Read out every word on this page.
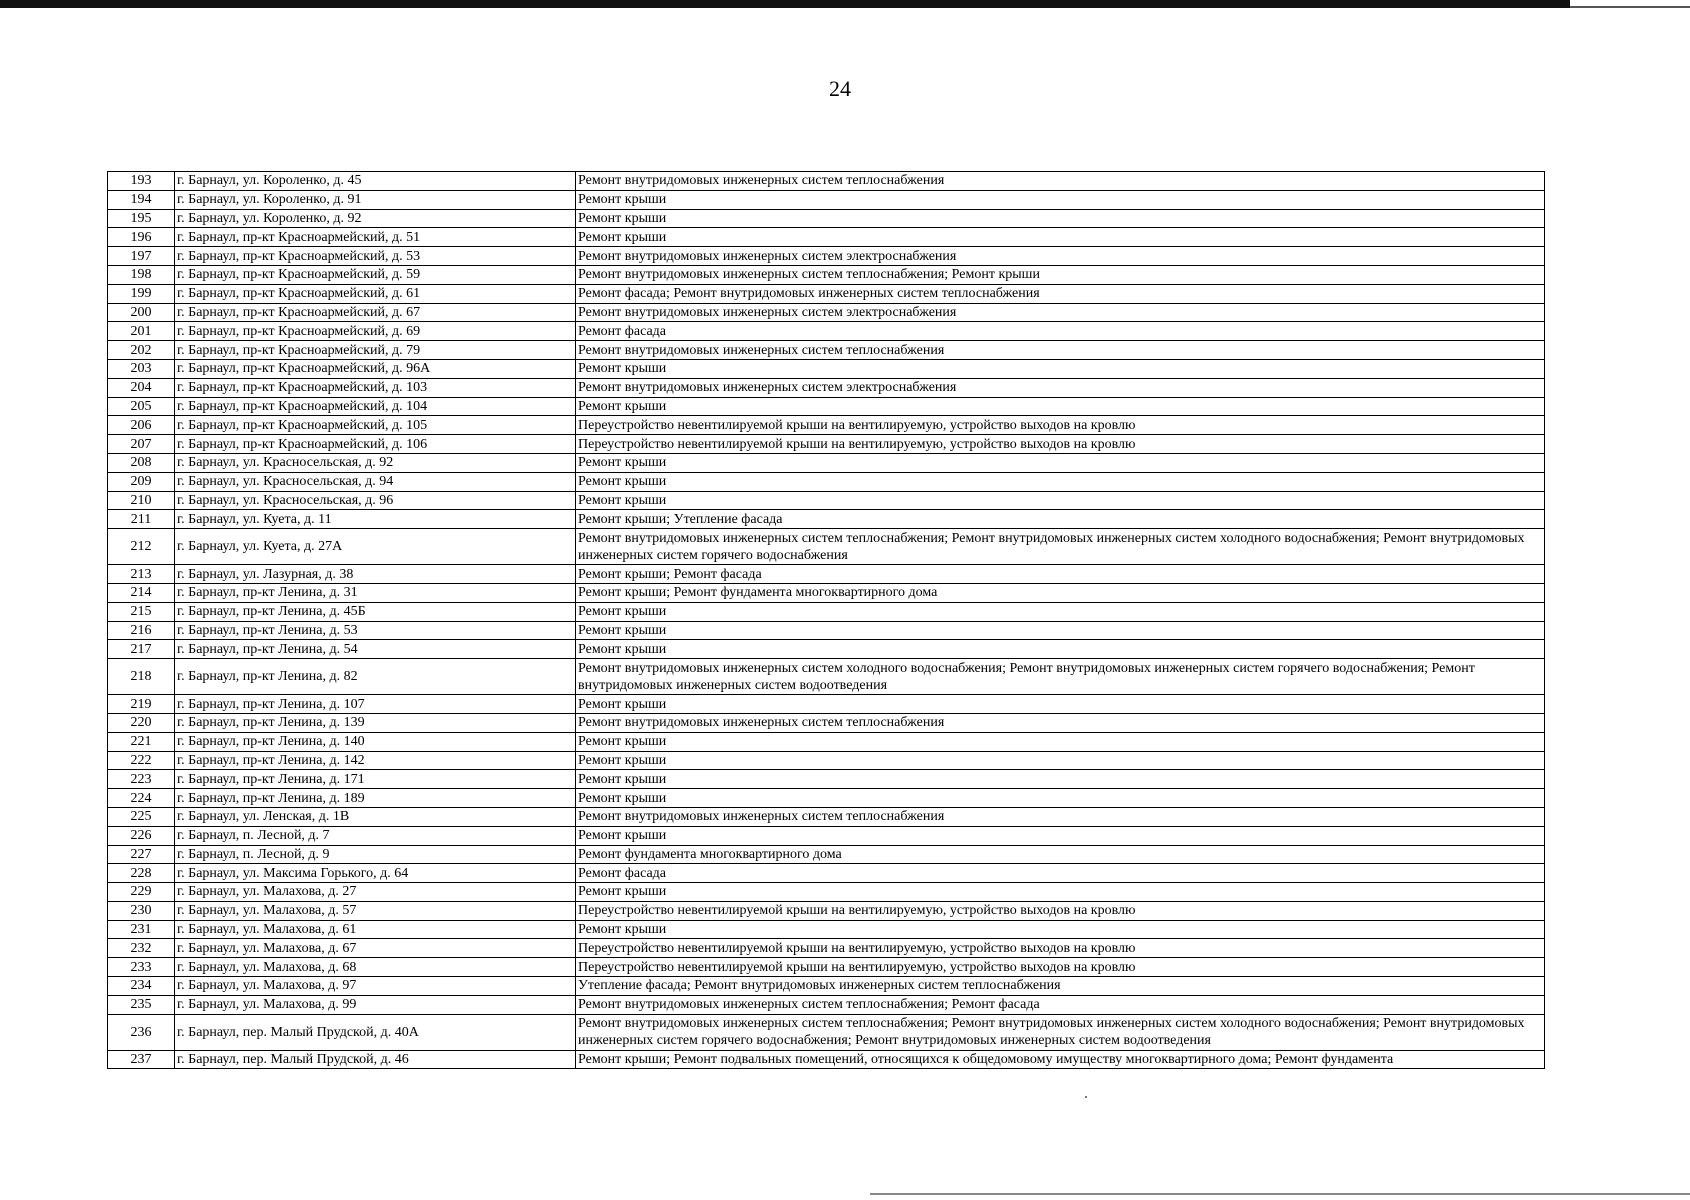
24
193	г. Барнаул, ул. Короленко, д. 45	Ремонт внутридомовых инженерных систем теплоснабжения

194	г. Барнаул, ул. Короленко, д. 91	Ремонт крыши

195	г. Барнаул, ул. Короленко, д. 92	Ремонт крыши

196	г. Барнаул, пр-кт Красноармейский, д. 51	Ремонт крыши

197	г. Барнаул, пр-кт Красноармейский, д. 53	Ремонт внутридомовых инженерных систем электроснабжения

198	г. Барнаул, пр-кт Красноармейский, д. 59	Ремонт внутридомовых инженерных систем теплоснабжения; Ремонт крыши

199	г. Барнаул, пр-кт Красноармейский, д. 61	Ремонт фасада; Ремонт внутридомовых инженерных систем теплоснабжения

200	г. Барнаул, пр-кт Красноармейский, д. 67	Ремонт внутридомовых инженерных систем электроснабжения

201	г. Барнаул, пр-кт Красноармейский, д. 69	Ремонт фасада

202	г. Барнаул, пр-кт Красноармейский, д. 79	Ремонт внутридомовых инженерных систем теплоснабжения

203	г. Барнаул, пр-кт Красноармейский, д. 96А	Ремонт крыши

204	г. Барнаул, пр-кт Красноармейский, д. 103	Ремонт внутридомовых инженерных систем электроснабжения

205	г. Барнаул, пр-кт Красноармейский, д. 104	Ремонт крыши

206	г. Барнаул, пр-кт Красноармейский, д. 105	Переустройство невентилируемой крыши на вентилируемую, устройство выходов на кровлю

207	г. Барнаул, пр-кт Красноармейский, д. 106	Переустройство невентилируемой крыши на вентилируемую, устройство выходов на кровлю

208	г. Барнаул, ул. Красносельская, д. 92	Ремонт крыши

209	г. Барнаул, ул. Красносельская, д. 94	Ремонт крыши

210	г. Барнаул, ул. Красносельская, д. 96	Ремонт крыши

211	г. Барнаул, ул. Куета, д. 11	Ремонт крыши; Утепление фасада

212	г. Барнаул, ул. Куета, д. 27А	Ремонт внутридомовых инженерных систем теплоснабжения; Ремонт внутридомовых инженерных систем холодного водоснабжения; Ремонт внутридомовых инженерных систем горячего водоснабжения

213	г. Барнаул, ул. Лазурная, д. 38	Ремонт крыши; Ремонт фасада

214	г. Барнаул, пр-кт Ленина, д. 31	Ремонт крыши; Ремонт фундамента многоквартирного дома

215	г. Барнаул, пр-кт Ленина, д. 45Б	Ремонт крыши

216	г. Барнаул, пр-кт Ленина, д. 53	Ремонт крыши

217	г. Барнаул, пр-кт Ленина, д. 54	Ремонт крыши

218	г. Барнаул, пр-кт Ленина, д. 82	Ремонт внутридомовых инженерных систем холодного водоснабжения; Ремонт внутридомовых инженерных систем горячего водоснабжения; Ремонт внутридомовых инженерных систем водоотведения

219	г. Барнаул, пр-кт Ленина, д. 107	Ремонт крыши

220	г. Барнаул, пр-кт Ленина, д. 139	Ремонт внутридомовых инженерных систем теплоснабжения

221	г. Барнаул, пр-кт Ленина, д. 140	Ремонт крыши

222	г. Барнаул, пр-кт Ленина, д. 142	Ремонт крыши

223	г. Барнаул, пр-кт Ленина, д. 171	Ремонт крыши

224	г. Барнаул, пр-кт Ленина, д. 189	Ремонт крыши

225	г. Барнаул, ул. Ленская, д. 1В	Ремонт внутридомовых инженерных систем теплоснабжения

226	г. Барнаул, п. Лесной, д. 7	Ремонт крыши

227	г. Барнаул, п. Лесной, д. 9	Ремонт фундамента многоквартирного дома

228	г. Барнаул, ул. Максима Горького, д. 64	Ремонт фасада

229	г. Барнаул, ул. Малахова, д. 27	Ремонт крыши

230	г. Барнаул, ул. Малахова, д. 57	Переустройство невентилируемой крыши на вентилируемую, устройство выходов на кровлю

231	г. Барнаул, ул. Малахова, д. 61	Ремонт крыши

232	г. Барнаул, ул. Малахова, д. 67	Переустройство невентилируемой крыши на вентилируемую, устройство выходов на кровлю

233	г. Барнаул, ул. Малахова, д. 68	Переустройство невентилируемой крыши на вентилируемую, устройство выходов на кровлю

234	г. Барнаул, ул. Малахова, д. 97	Утепление фасада; Ремонт внутридомовых инженерных систем теплоснабжения

235	г. Барнаул, ул. Малахова, д. 99	Ремонт внутридомовых инженерных систем теплоснабжения; Ремонт фасада

236	г. Барнаул, пер. Малый Прудской, д. 40А	Ремонт внутридомовых инженерных систем теплоснабжения; Ремонт внутридомовых инженерных систем холодного водоснабжения; Ремонт внутридомовых инженерных систем горячего водоснабжения; Ремонт внутридомовых инженерных систем водоотведения

237	г. Барнаул, пер. Малый Прудской, д. 46	Ремонт крыши; Ремонт подвальных помещений, относящихся к общедомовому имуществу многоквартирного дома; Ремонт фундамента
